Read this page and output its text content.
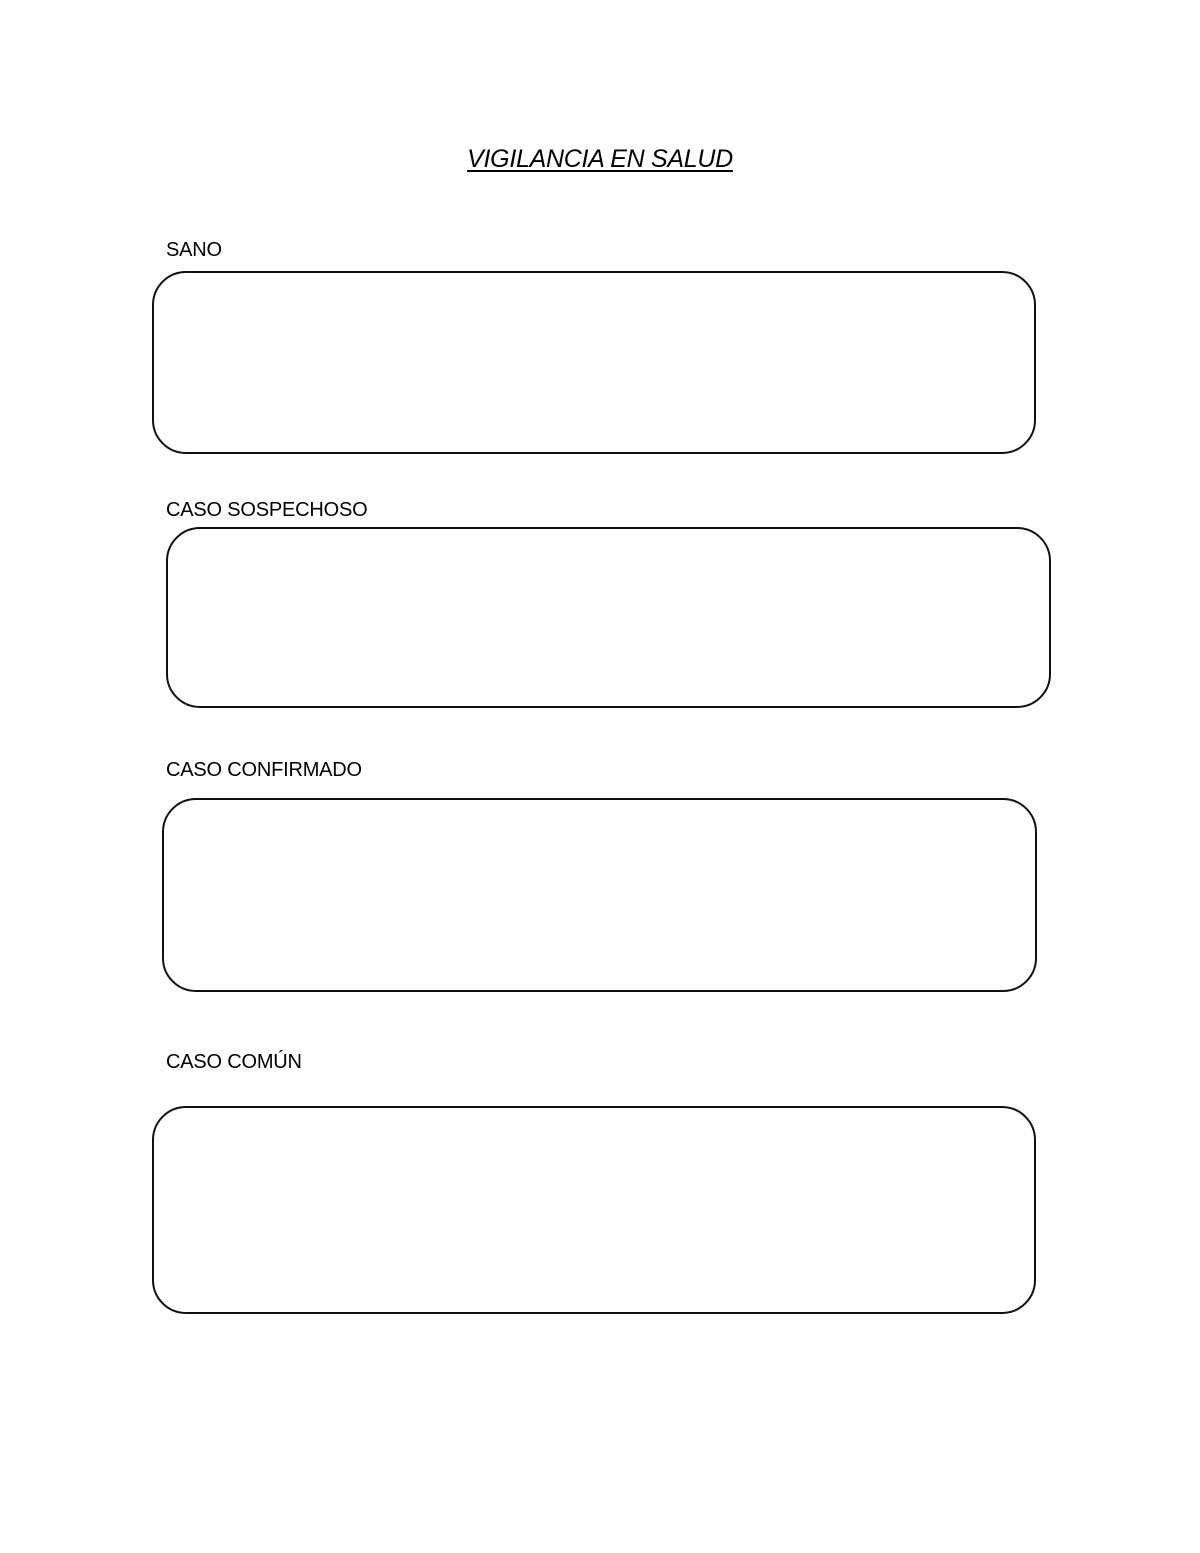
VIGILANCIA EN SALUD
SANO
CASO SOSPECHOSO
CASO CONFIRMADO
CASO COMÚN
